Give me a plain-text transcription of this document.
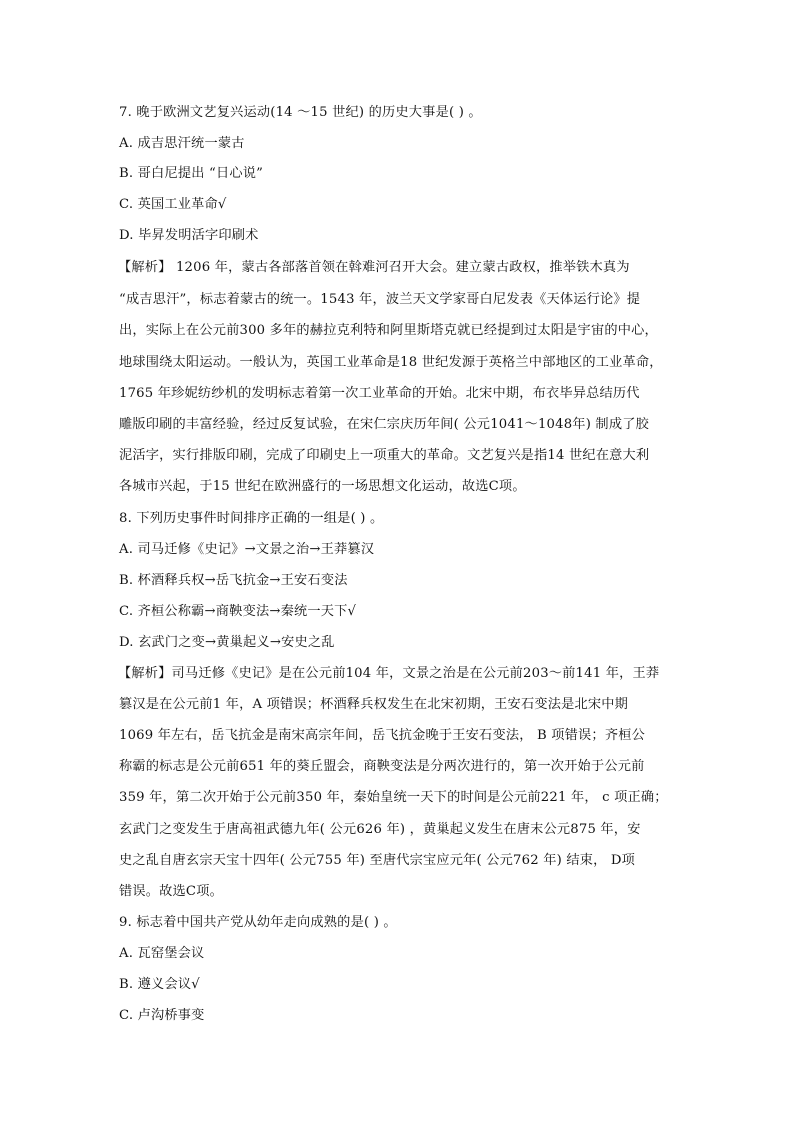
7. 晚于欧洲文艺复兴运动(14 ～15 世纪) 的历史大事是( ) 。
A. 成吉思汗统一蒙古
B. 哥白尼提出 “日心说”
C. 英国工业革命√
D. 毕昇发明活字印刷术
【解析】 1206 年，蒙古各部落首领在斡难河召开大会。建立蒙古政权，推举铁木真为
“成吉思汗”，标志着蒙古的统一。1543 年，波兰天文学家哥白尼发表《天体运行论》提
出，实际上在公元前300 多年的赫拉克利特和阿里斯塔克就已经提到过太阳是宇宙的中心，
地球围绕太阳运动。一般认为，英国工业革命是18 世纪发源于英格兰中部地区的工业革命，
1765 年珍妮纺纱机的发明标志着第一次工业革命的开始。北宋中期，布衣毕异总结历代
雕版印刷的丰富经验，经过反复试验，在宋仁宗庆历年间( 公元1041～1048年) 制成了胶
泥活字，实行排版印刷，完成了印刷史上一项重大的革命。文艺复兴是指14 世纪在意大利
各城市兴起，于15 世纪在欧洲盛行的一场思想文化运动，故选C项。
8. 下列历史事件时间排序正确的一组是( ) 。
A. 司马迁修《史记》→文景之治→王莽篡汉
B. 杯酒释兵权→岳飞抗金→王安石变法
C. 齐桓公称霸→商鞅变法→秦统一天下√
D. 玄武门之变→黄巢起义→安史之乱
【解析】司马迁修《史记》是在公元前104 年，文景之治是在公元前203～前141 年，王莽
篡汉是在公元前1 年，A 项错误；杯酒释兵权发生在北宋初期，王安石变法是北宋中期
1069 年左右，岳飞抗金是南宋高宗年间，岳飞抗金晚于王安石变法， B 项错误；齐桓公
称霸的标志是公元前651 年的葵丘盟会，商鞅变法是分两次进行的，第一次开始于公元前
359 年，第二次开始于公元前350 年，秦始皇统一天下的时间是公元前221 年， c 项正确；
玄武门之变发生于唐高祖武德九年( 公元626 年) ，黄巢起义发生在唐末公元875 年，安
史之乱自唐玄宗天宝十四年( 公元755 年) 至唐代宗宝应元年( 公元762 年) 结束， D项
错误。故选C项。
9. 标志着中国共产党从幼年走向成熟的是( ) 。
A. 瓦窑堡会议
B. 遵义会议√
C. 卢沟桥事变
